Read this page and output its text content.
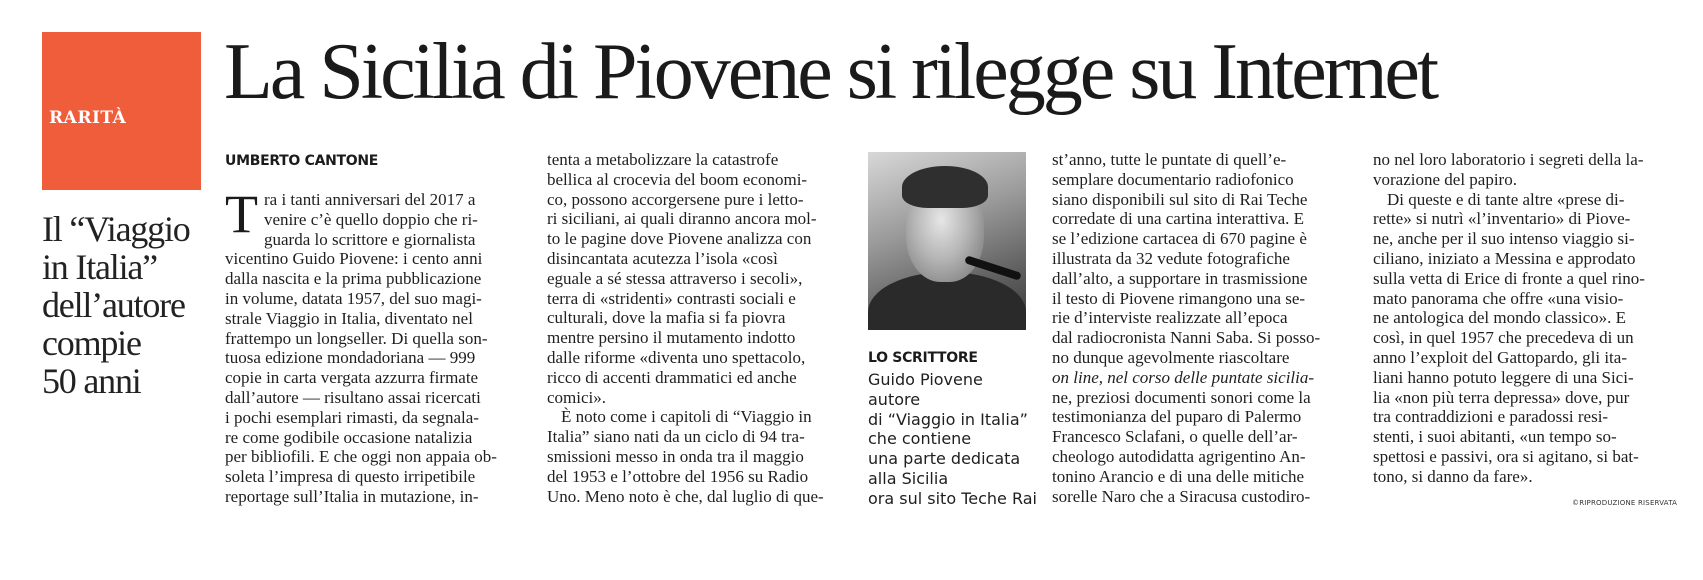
RARITÀ
La Sicilia di Piovene si rilegge su Internet
Il “Viaggio
in Italia”
dell’autore
compie
50 anni
UMBERTO CANTONE
T ra i tanti anniversari del 2017 a
venire c’è quello doppio che ri-
guarda lo scrittore e giornalista
vicentino Guido Piovene: i cento anni
dalla nascita e la prima pubblicazione
in volume, datata 1957, del suo magi-
strale Viaggio in Italia, diventato nel
frattempo un longseller. Di quella son-
tuosa edizione mondadoriana — 999
copie in carta vergata azzurra firmate
dall’autore — risultano assai ricercati
i pochi esemplari rimasti, da segnala-
re come godibile occasione natalizia
per bibliofili. E che oggi non appaia ob-
soleta l’impresa di questo irripetibile
reportage sull’Italia in mutazione, in-
tenta a metabolizzare la catastrofe
bellica al crocevia del boom economi-
co, possono accorgersene pure i letto-
ri siciliani, ai quali diranno ancora mol-
to le pagine dove Piovene analizza con
disincantata acutezza l’isola «così
eguale a sé stessa attraverso i secoli»,
terra di «stridenti» contrasti sociali e
culturali, dove la mafia si fa piovra
mentre persino il mutamento indotto
dalle riforme «diventa uno spettacolo,
ricco di accenti drammatici ed anche
comici».
È noto come i capitoli di “Viaggio in
Italia” siano nati da un ciclo di 94 tra-
smissioni messo in onda tra il maggio
del 1953 e l’ottobre del 1956 su Radio
Uno. Meno noto è che, dal luglio di que-
LO SCRITTORE
Guido Piovene
autore
di “Viaggio in Italia”
che contiene
una parte dedicata
alla Sicilia
ora sul sito Teche Rai
st’anno, tutte le puntate di quell’e-
semplare documentario radiofonico
siano disponibili sul sito di Rai Teche
corredate di una cartina interattiva. E
se l’edizione cartacea di 670 pagine è
illustrata da 32 vedute fotografiche
dall’alto, a supportare in trasmissione
il testo di Piovene rimangono una se-
rie d’interviste realizzate all’epoca
dal radiocronista Nanni Saba. Si posso-
no dunque agevolmente riascoltare
on line, nel corso delle puntate sicilia-
ne, preziosi documenti sonori come la
testimonianza del puparo di Palermo
Francesco Sclafani, o quelle dell’ar-
cheologo autodidatta agrigentino An-
tonino Arancio e di una delle mitiche
sorelle Naro che a Siracusa custodiro-
no nel loro laboratorio i segreti della la-
vorazione del papiro.
Di queste e di tante altre «prese di-
rette» si nutrì «l’inventario» di Piove-
ne, anche per il suo intenso viaggio si-
ciliano, iniziato a Messina e approdato
sulla vetta di Erice di fronte a quel rino-
mato panorama che offre «una visio-
ne antologica del mondo classico». E
così, in quel 1957 che precedeva di un
anno l’exploit del Gattopardo, gli ita-
liani hanno potuto leggere di una Sici-
lia «non più terra depressa» dove, pur
tra contraddizioni e paradossi resi-
stenti, i suoi abitanti, «un tempo so-
spettosi e passivi, ora si agitano, si bat-
tono, si danno da fare».
©RIPRODUZIONE RISERVATA
